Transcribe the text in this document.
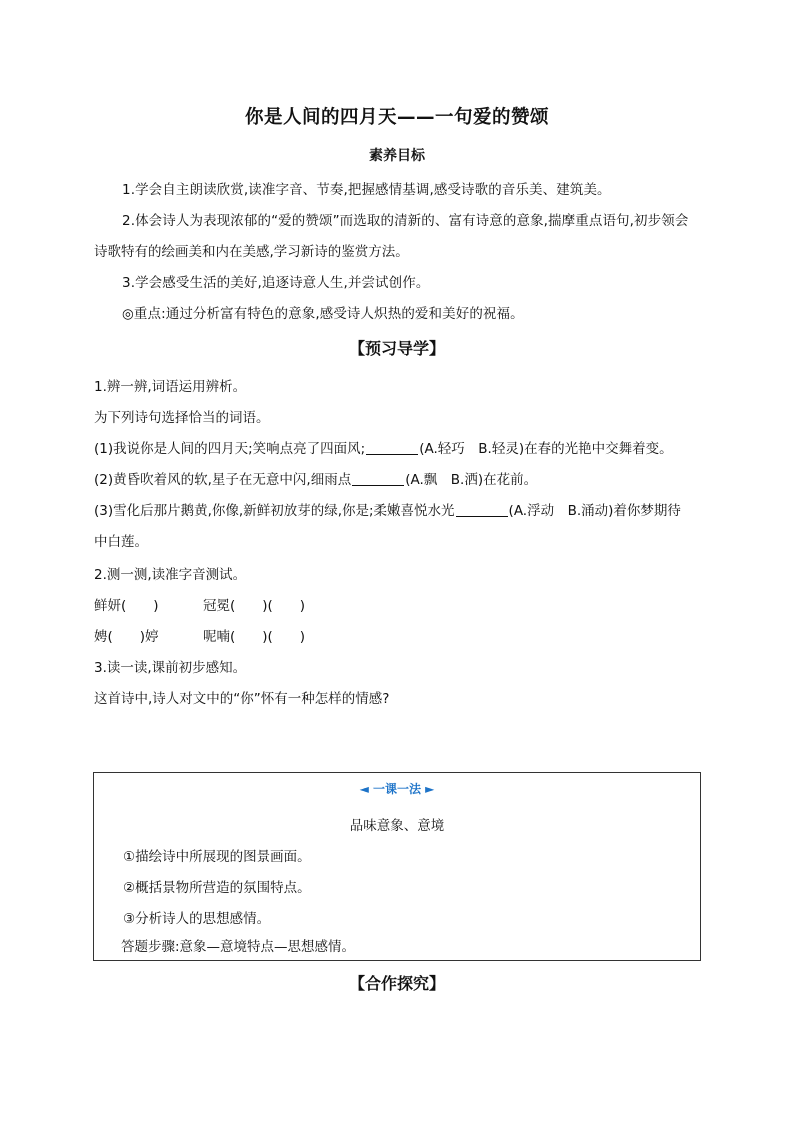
你是人间的四月天——一句爱的赞颂
素养目标
1.学会自主朗读欣赏,读准字音、节奏,把握感情基调,感受诗歌的音乐美、建筑美。
2.体会诗人为表现浓郁的“爱的赞颂”而选取的清新的、富有诗意的意象,揣摩重点语句,初步领会
诗歌特有的绘画美和内在美感,学习新诗的鉴赏方法。
3.学会感受生活的美好,追逐诗意人生,并尝试创作。
◎重点:通过分析富有特色的意象,感受诗人炽热的爱和美好的祝福。
【预习导学】
1.辨一辨,词语运用辨析。
为下列诗句选择恰当的词语。
(1)我说你是人间的四月天;笑响点亮了四面风;	(A.轻巧　B.轻灵)在春的光艳中交舞着变。
(2)黄昏吹着风的软,星子在无意中闪,细雨点	(A.飘　B.洒)在花前。
(3)雪化后那片鹅黄,你像,新鲜初放芽的绿,你是;柔嫩喜悦水光	(A.浮动　B.涌动)着你梦期待
中白莲。
2.测一测,读准字音测试。
鲜妍(　　)	冠冕(　　)(　　)
娉(　　)婷	呢喃(　　)(　　)
3.读一读,课前初步感知。
这首诗中,诗人对文中的“你”怀有一种怎样的情感?
◄ 一课一法 ►
品味意象、意境
①描绘诗中所展现的图景画面。
②概括景物所营造的氛围特点。
③分析诗人的思想感情。
答题步骤:意象—意境特点—思想感情。
【合作探究】
